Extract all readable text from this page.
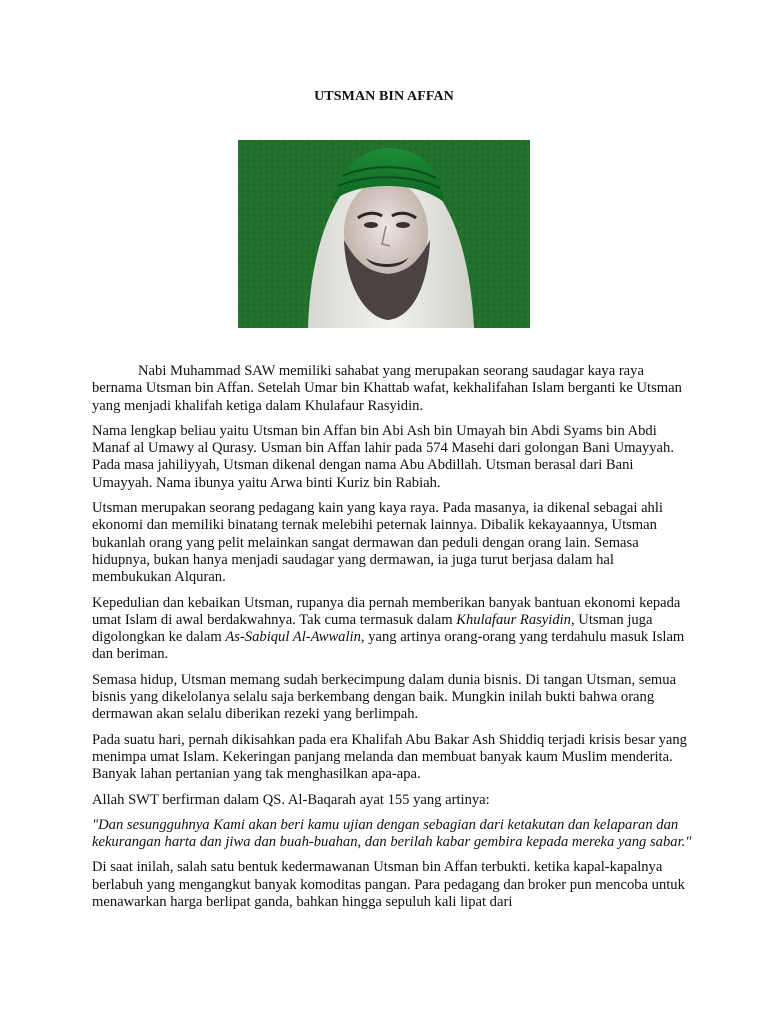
UTSMAN BIN AFFAN

Nabi Muhammad SAW memiliki sahabat yang merupakan seorang saudagar kaya raya bernama Utsman bin Affan. Setelah Umar bin Khattab wafat, kekhalifahan Islam berganti ke Utsman yang menjadi khalifah ketiga dalam Khulafaur Rasyidin.

Nama lengkap beliau yaitu Utsman bin Affan bin Abi Ash bin Umayah bin Abdi Syams bin Abdi Manaf al Umawy al Qurasy. Usman bin Affan lahir pada 574 Masehi dari golongan Bani Umayyah. Pada masa jahiliyyah, Utsman dikenal dengan nama Abu Abdillah. Utsman berasal dari Bani Umayyah. Nama ibunya yaitu Arwa binti Kuriz bin Rabiah.

Utsman merupakan seorang pedagang kain yang kaya raya. Pada masanya, ia dikenal sebagai ahli ekonomi dan memiliki binatang ternak melebihi peternak lainnya. Dibalik kekayaannya, Utsman bukanlah orang yang pelit melainkan sangat dermawan dan peduli dengan orang lain. Semasa hidupnya, bukan hanya menjadi saudagar yang dermawan, ia juga turut berjasa dalam hal membukukan Alquran.

Kepedulian dan kebaikan Utsman, rupanya dia pernah memberikan banyak bantuan ekonomi kepada umat Islam di awal berdakwahnya. Tak cuma termasuk dalam Khulafaur Rasyidin, Utsman juga digolongkan ke dalam As-Sabiqul Al-Awwalin, yang artinya orang-orang yang terdahulu masuk Islam dan beriman.

Semasa hidup, Utsman memang sudah berkecimpung dalam dunia bisnis. Di tangan Utsman, semua bisnis yang dikelolanya selalu saja berkembang dengan baik. Mungkin inilah bukti bahwa orang dermawan akan selalu diberikan rezeki yang berlimpah.

Pada suatu hari, pernah dikisahkan pada era Khalifah Abu Bakar Ash Shiddiq terjadi krisis besar yang menimpa umat Islam. Kekeringan panjang melanda dan membuat banyak kaum Muslim menderita. Banyak lahan pertanian yang tak menghasilkan apa-apa.

Allah SWT berfirman dalam QS. Al-Baqarah ayat 155 yang artinya:

"Dan sesungguhnya Kami akan beri kamu ujian dengan sebagian dari ketakutan dan kelaparan dan kekurangan harta dan jiwa dan buah-buahan, dan berilah kabar gembira kepada mereka yang sabar."

Di saat inilah, salah satu bentuk kedermawanan Utsman bin Affan terbukti. ketika kapal-kapalnya berlabuh yang mengangkut banyak komoditas pangan. Para pedagang dan broker pun mencoba untuk menawarkan harga berlipat ganda, bahkan hingga sepuluh kali lipat dari
